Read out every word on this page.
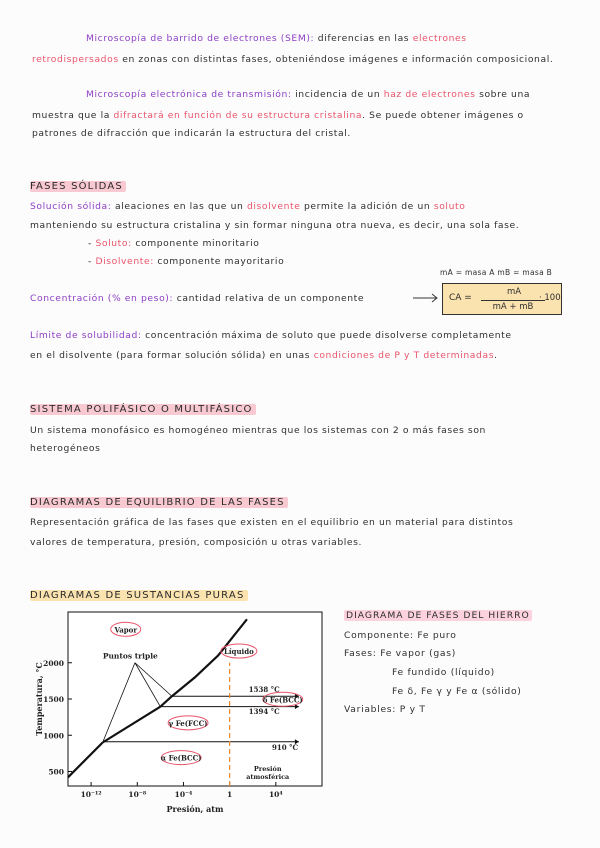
Microscopía de barrido de electrones (SEM): diferencias en las electrones
retrodispersados en zonas con distintas fases, obteniéndose imágenes e información composicional.
Microscopía electrónica de transmisión: incidencia de un haz de electrones sobre una
muestra que la difractará en función de su estructura cristalina. Se puede obtener imágenes o
patrones de difracción que indicarán la estructura del cristal.
FASES SÓLIDAS
Solución sólida: aleaciones en las que un disolvente permite la adición de un soluto
manteniendo su estructura cristalina y sin formar ninguna otra nueva, es decir, una sola fase.
- Soluto: componente minoritario
- Disolvente: componente mayoritario
mA = masa A mB = masa B
Concentración (% en peso): cantidad relativa de un componente	CA =
mA
mA + mB
· 100
Límite de solubilidad: concentración máxima de soluto que puede disolverse completamente
en el disolvente (para formar solución sólida) en unas condiciones de P y T determinadas.
SISTEMA POLIFÁSICO O MULTIFÁSICO
Un sistema monofásico es homogéneo mientras que los sistemas con 2 o más fases son
heterogéneos
DIAGRAMAS DE EQUILIBRIO DE LAS FASES
Representación gráfica de las fases que existen en el equilibrio en un material para distintos
valores de temperatura, presión, composición u otras variables.
DIAGRAMAS DE SUSTANCIAS PURAS
500
1000
1500
2000
10⁻¹²	10⁻⁸	10⁻⁴	1	10⁴
Presión, atm
Temperatura, °C
Vapor
Líquido
δ Fe(BCC)
γ Fe(FCC)
α Fe(BCC)
Puntos triple
1538 °C
1394 °C
910 °C
Presión
atmosférica
DIAGRAMA DE FASES DEL HIERRO
Componente: Fe puro
Fases: Fe vapor (gas)
Fe fundido (líquido)
Fe δ, Fe γ y Fe α (sólido)
Variables: P y T
